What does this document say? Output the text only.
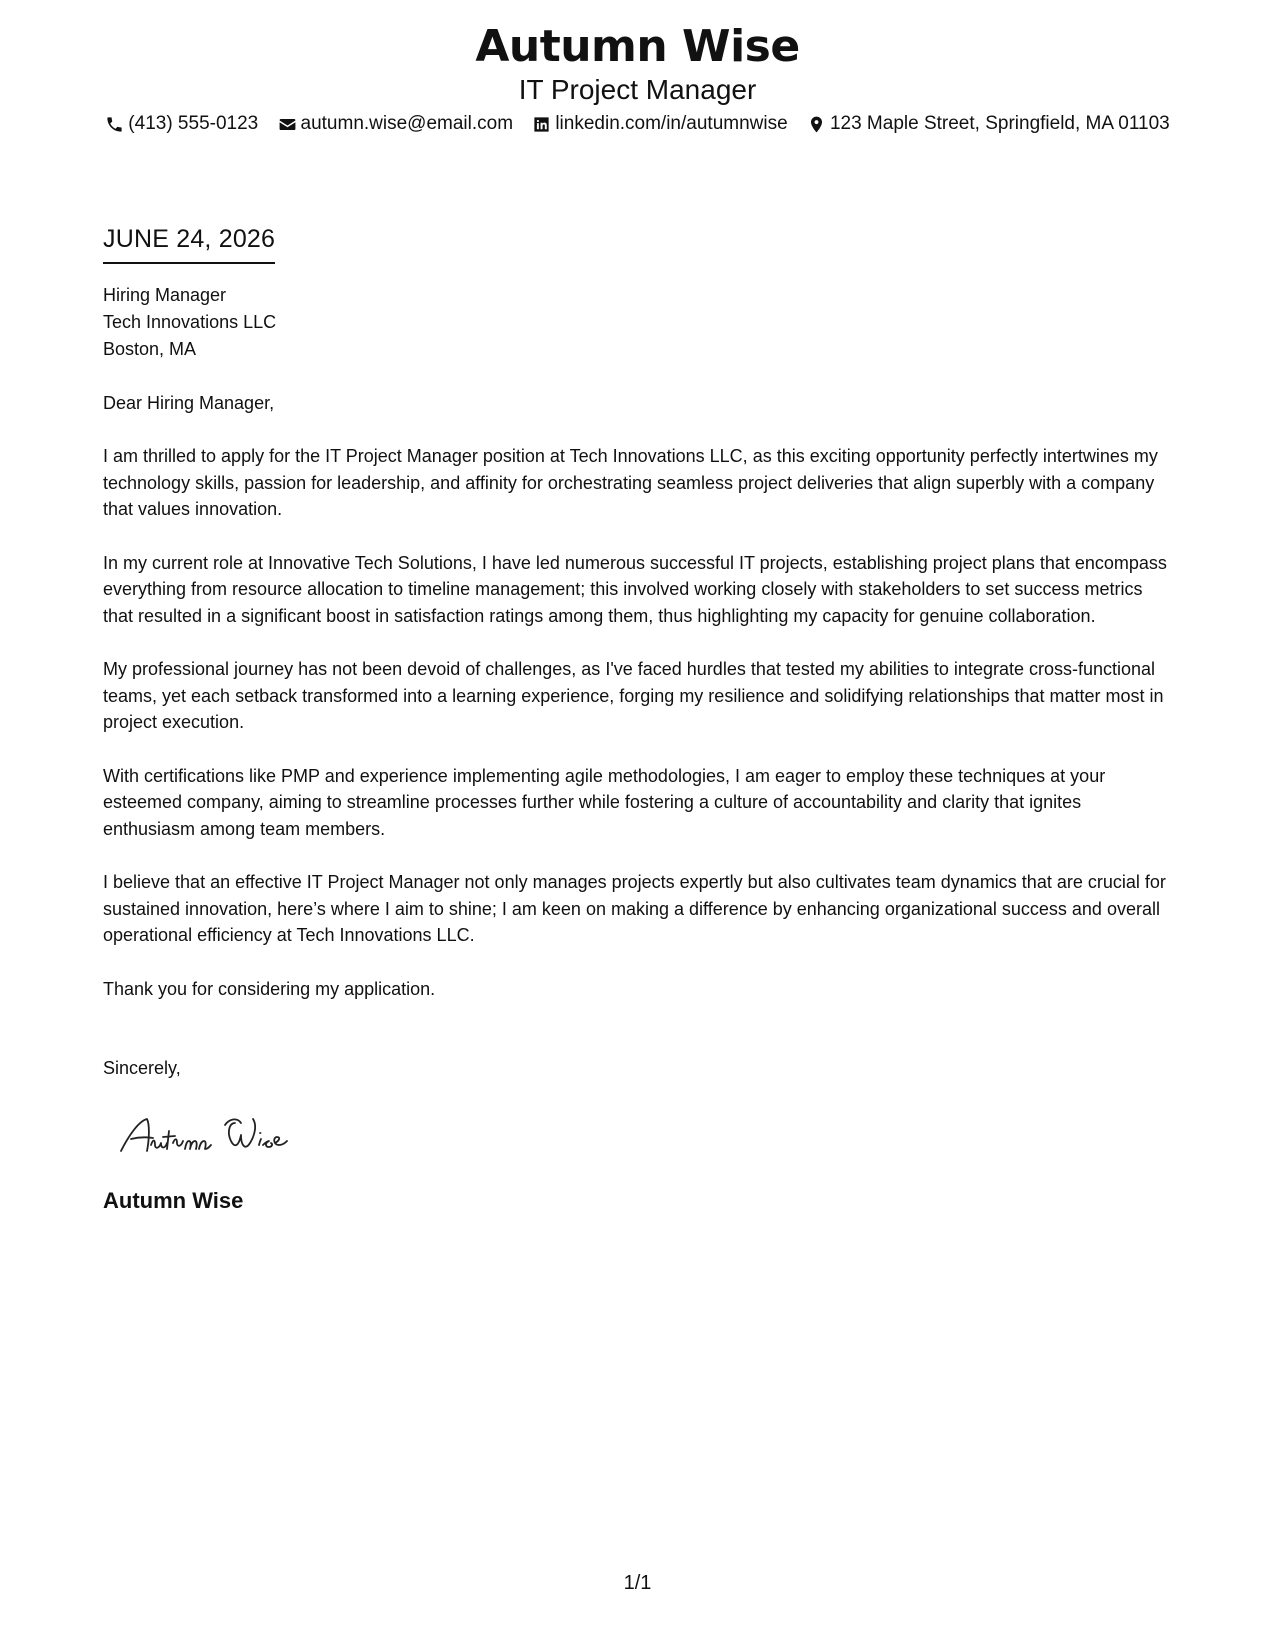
Autumn Wise
IT Project Manager
(413) 555-0123
autumn.wise@email.com
linkedin.com/in/autumnwise
123 Maple Street, Springfield, MA 01103
JUNE 24, 2026
Hiring Manager
Tech Innovations LLC
Boston, MA
Dear Hiring Manager,
I am thrilled to apply for the IT Project Manager position at Tech Innovations LLC, as this exciting opportunity perfectly intertwines my technology skills, passion for leadership, and affinity for orchestrating seamless project deliveries that align superbly with a company that values innovation.
In my current role at Innovative Tech Solutions, I have led numerous successful IT projects, establishing project plans that encompass everything from resource allocation to timeline management; this involved working closely with stakeholders to set success metrics that resulted in a significant boost in satisfaction ratings among them, thus highlighting my capacity for genuine collaboration.
My professional journey has not been devoid of challenges, as I've faced hurdles that tested my abilities to integrate cross-functional teams, yet each setback transformed into a learning experience, forging my resilience and solidifying relationships that matter most in project execution.
With certifications like PMP and experience implementing agile methodologies, I am eager to employ these techniques at your esteemed company, aiming to streamline processes further while fostering a culture of accountability and clarity that ignites enthusiasm among team members.
I believe that an effective IT Project Manager not only manages projects expertly but also cultivates team dynamics that are crucial for sustained innovation, here’s where I aim to shine; I am keen on making a difference by enhancing organizational success and overall operational efficiency at Tech Innovations LLC.
Thank you for considering my application.
Sincerely,
Autumn Wise
1/1
